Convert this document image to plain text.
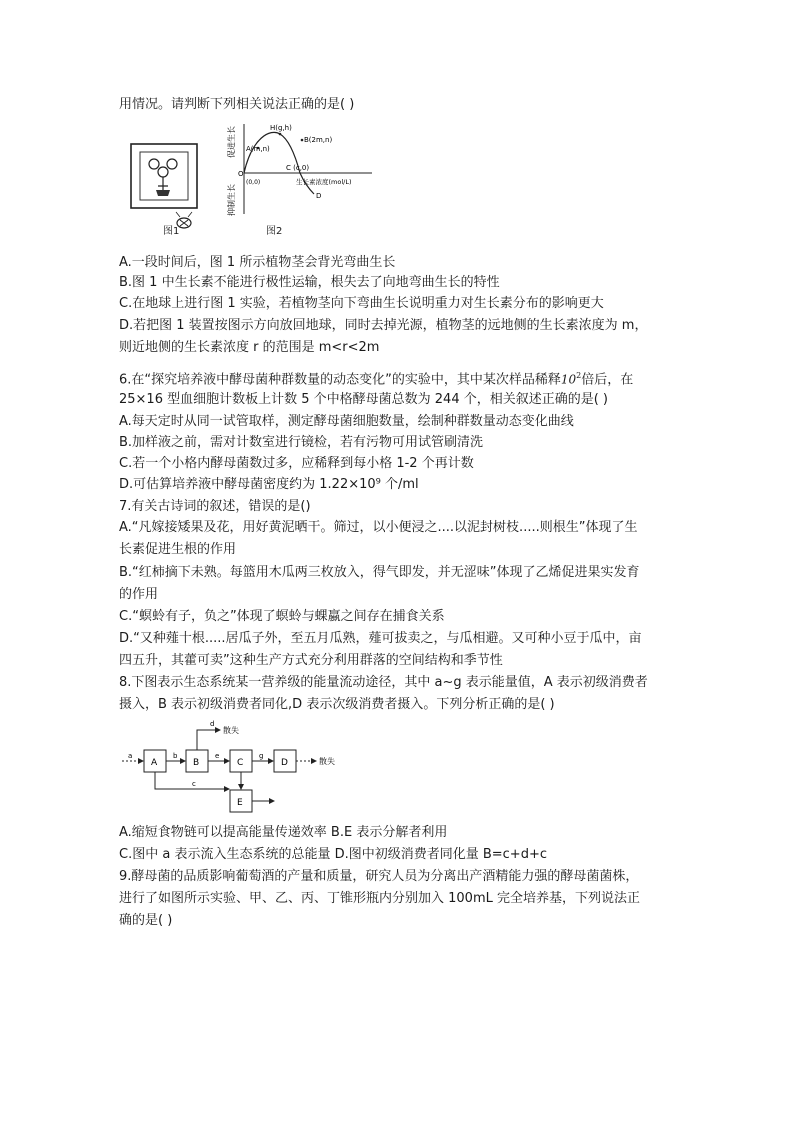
用情况。请判断下列相关说法正确的是( )
图1
促进生长
抑制生长
O
(0,0)
H(g,h)
A(m,n)
B(2m,n)
C (c,0)
D
生长素浓度(mol/L)
图2
A.一段时间后，图 1 所示植物茎会背光弯曲生长
B.图 1 中生长素不能进行极性运输，根失去了向地弯曲生长的特性
C.在地球上进行图 1 实验，若植物茎向下弯曲生长说明重力对生长素分布的影响更大
D.若把图 1 装置按图示方向放回地球，同时去掉光源，植物茎的远地侧的生长素浓度为 m，
则近地侧的生长素浓度 r 的范围是 m<r<2m
6.在“探究培养液中酵母菌种群数量的动态变化”的实验中，其中某次样品稀释$10^2$倍后，在
25×16 型血细胞计数板上计数 5 个中格酵母菌总数为 244 个，相关叙述正确的是( )
A.每天定时从同一试管取样，测定酵母菌细胞数量，绘制种群数量动态变化曲线
B.加样液之前，需对计数室进行镜检，若有污物可用试管刷清洗
C.若一个小格内酵母菌数过多，应稀释到每小格 1-2 个再计数
D.可估算培养液中酵母菌密度约为 1.22×10⁹ 个/ml
7.有关古诗词的叙述，错误的是()
A.“凡嫁接矮果及花，用好黄泥晒干。筛过，以小便浸之....以泥封树枝.....则根生”体现了生
长素促进生根的作用
B.“红柿摘下未熟。每篮用木瓜两三枚放入，得气即发，并无涩味”体现了乙烯促进果实发育
的作用
C.“螟蛉有子，负之”体现了螟蛉与蜾蠃之间存在捕食关系
D.“又种薤十根.....居瓜子外，至五月瓜熟，薤可拔卖之，与瓜相避。又可种小豆于瓜中，亩
四五升，其藿可卖”这种生产方式充分利用群落的空间结构和季节性
8.下图表示生态系统某一营养级的能量流动途径，其中 a~g 表示能量值，A 表示初级消费者
摄入，B 表示初级消费者同化,D 表示次级消费者摄入。下列分析正确的是( )
A	B	C	D
E
a	b
d
e	g
c
散失
散失
A.缩短食物链可以提高能量传递效率 B.E 表示分解者利用
C.图中 a 表示流入生态系统的总能量 D.图中初级消费者同化量 B=c+d+c
9.酵母菌的品质影响葡萄酒的产量和质量，研究人员为分离出产酒精能力强的酵母菌菌株，
进行了如图所示实验、甲、乙、丙、丁锥形瓶内分别加入 100mL 完全培养基，下列说法正
确的是( )
